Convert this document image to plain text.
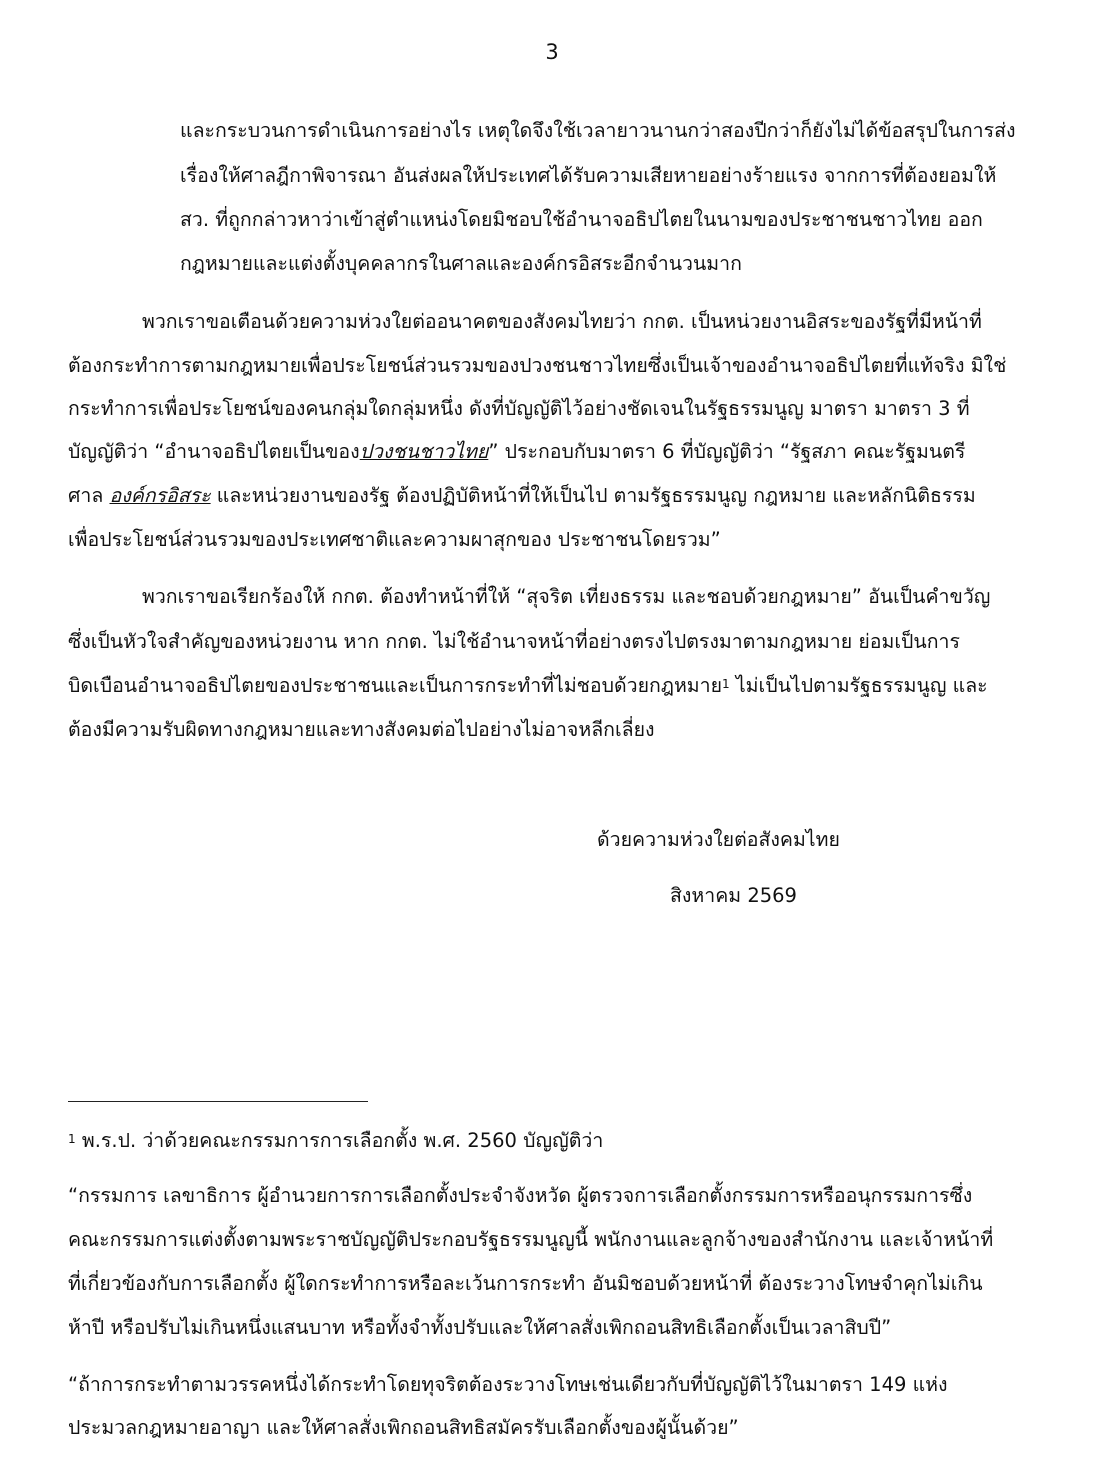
3
และกระบวนการดำเนินการอย่างไร เหตุใดจึงใช้เวลายาวนานกว่าสองปีกว่าก็ยังไม่ได้ข้อสรุปในการส่ง
เรื่องให้ศาลฎีกาพิจารณา อันส่งผลให้ประเทศได้รับความเสียหายอย่างร้ายแรง จากการที่ต้องยอมให้
สว. ที่ถูกกล่าวหาว่าเข้าสู่ตำแหน่งโดยมิชอบใช้อำนาจอธิปไตยในนามของประชาชนชาวไทย ออก
กฎหมายและแต่งตั้งบุคคลากรในศาลและองค์กรอิสระอีกจำนวนมาก
พวกเราขอเตือนด้วยความห่วงใยต่ออนาคตของสังคมไทยว่า กกต. เป็นหน่วยงานอิสระของรัฐที่มีหน้าที่
ต้องกระทำการตามกฎหมายเพื่อประโยชน์ส่วนรวมของปวงชนชาวไทยซึ่งเป็นเจ้าของอำนาจอธิปไตยที่แท้จริง มิใช่
กระทำการเพื่อประโยชน์ของคนกลุ่มใดกลุ่มหนึ่ง ดังที่บัญญัติไว้อย่างชัดเจนในรัฐธรรมนูญ มาตรา มาตรา 3 ที่
บัญญัติว่า “อำนาจอธิปไตยเป็นของปวงชนชาวไทย” ประกอบกับมาตรา 6 ที่บัญญัติว่า “รัฐสภา คณะรัฐมนตรี
ศาล องค์กรอิสระ และหน่วยงานของรัฐ ต้องปฏิบัติหน้าที่ให้เป็นไป ตามรัฐธรรมนูญ กฎหมาย และหลักนิติธรรม
เพื่อประโยชน์ส่วนรวมของประเทศชาติและความผาสุกของ ประชาชนโดยรวม”
พวกเราขอเรียกร้องให้ กกต. ต้องทำหน้าที่ให้ “สุจริต เที่ยงธรรม และชอบด้วยกฎหมาย” อันเป็นคำขวัญ
ซึ่งเป็นหัวใจสำคัญของหน่วยงาน หาก กกต. ไม่ใช้อำนาจหน้าที่อย่างตรงไปตรงมาตามกฎหมาย ย่อมเป็นการ
บิดเบือนอำนาจอธิปไตยของประชาชนและเป็นการกระทำที่ไม่ชอบด้วยกฎหมาย$^1$ ไม่เป็นไปตามรัฐธรรมนูญ และ
ต้องมีความรับผิดทางกฎหมายและทางสังคมต่อไปอย่างไม่อาจหลีกเลี่ยง
ด้วยความห่วงใยต่อสังคมไทย
สิงหาคม 2569
$^1$ พ.ร.ป. ว่าด้วยคณะกรรมการการเลือกตั้ง พ.ศ. 2560 บัญญัติว่า
“กรรมการ เลขาธิการ ผู้อำนวยการการเลือกตั้งประจำจังหวัด ผู้ตรวจการเลือกตั้งกรรมการหรืออนุกรรมการซึ่ง
คณะกรรมการแต่งตั้งตามพระราชบัญญัติประกอบรัฐธรรมนูญนี้ พนักงานและลูกจ้างของสำนักงาน และเจ้าหน้าที่
ที่เกี่ยวข้องกับการเลือกตั้ง ผู้ใดกระทำการหรือละเว้นการกระทำ อันมิชอบด้วยหน้าที่ ต้องระวางโทษจำคุกไม่เกิน
ห้าปี หรือปรับไม่เกินหนึ่งแสนบาท หรือทั้งจำทั้งปรับและให้ศาลสั่งเพิกถอนสิทธิเลือกตั้งเป็นเวลาสิบปี”
“ถ้าการกระทำตามวรรคหนึ่งได้กระทำโดยทุจริตต้องระวางโทษเช่นเดียวกับที่บัญญัติไว้ในมาตรา 149 แห่ง
ประมวลกฎหมายอาญา และให้ศาลสั่งเพิกถอนสิทธิสมัครรับเลือกตั้งของผู้นั้นด้วย”
